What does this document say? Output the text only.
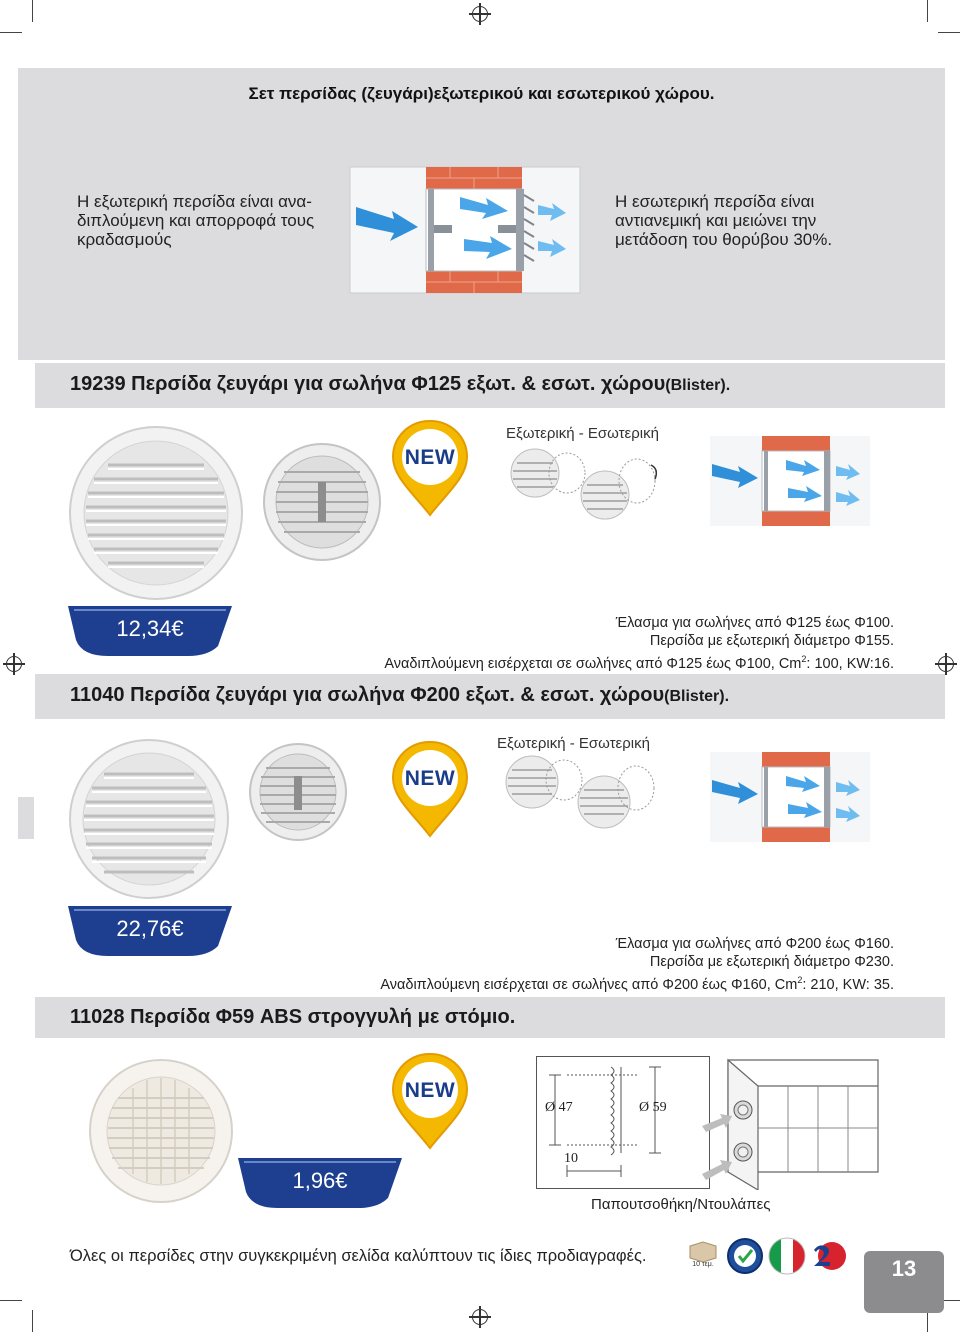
Σετ περσίδας (ζευγάρι)εξωτερικού και εσωτερικού χώρου.
Η εξωτερική περσίδα είναι ανα-
διπλούμενη και απορροφά τους
κραδασμούς
Η εσωτερική περσίδα είναι
αντιανεμική και μειώνει την
μετάδοση του θορύβου 30%.
19239 Περσίδα ζευγάρι για σωλήνα Φ125 εξωτ. & εσωτ. χώρου(Blister).
NEW
Εξωτερική - Εσωτερική
12,34€	Έλασμα για σωλήνες από Φ125 έως Φ100.
Περσίδα με εξωτερική διάμετρο Φ155.
Αναδιπλούμενη εισέρχεται σε σωλήνες από Φ125 έως Φ100, Cm$^2$: 100, KW:16.
11040 Περσίδα ζευγάρι για σωλήνα Φ200 εξωτ. & εσωτ. χώρου(Blister).
NEW
Εξωτερική - Εσωτερική
22,76€
Έλασμα για σωλήνες από Φ200 έως Φ160.
Περσίδα με εξωτερική διάμετρο Φ230.
Αναδιπλούμενη εισέρχεται σε σωλήνες από Φ200 έως Φ160, Cm$^2$: 210, KW: 35.
11028 Περσίδα Φ59 ABS στρογγυλή με στόμιο.
NEW
1,96€
Ø 47	Ø 59
10
Παπουτσοθήκη/Ντουλάπες
Όλες οι περσίδες στην συγκεκριμένη σελίδα καλύπτουν τις ίδιες προδιαγραφές.	10 τεμ.	13
